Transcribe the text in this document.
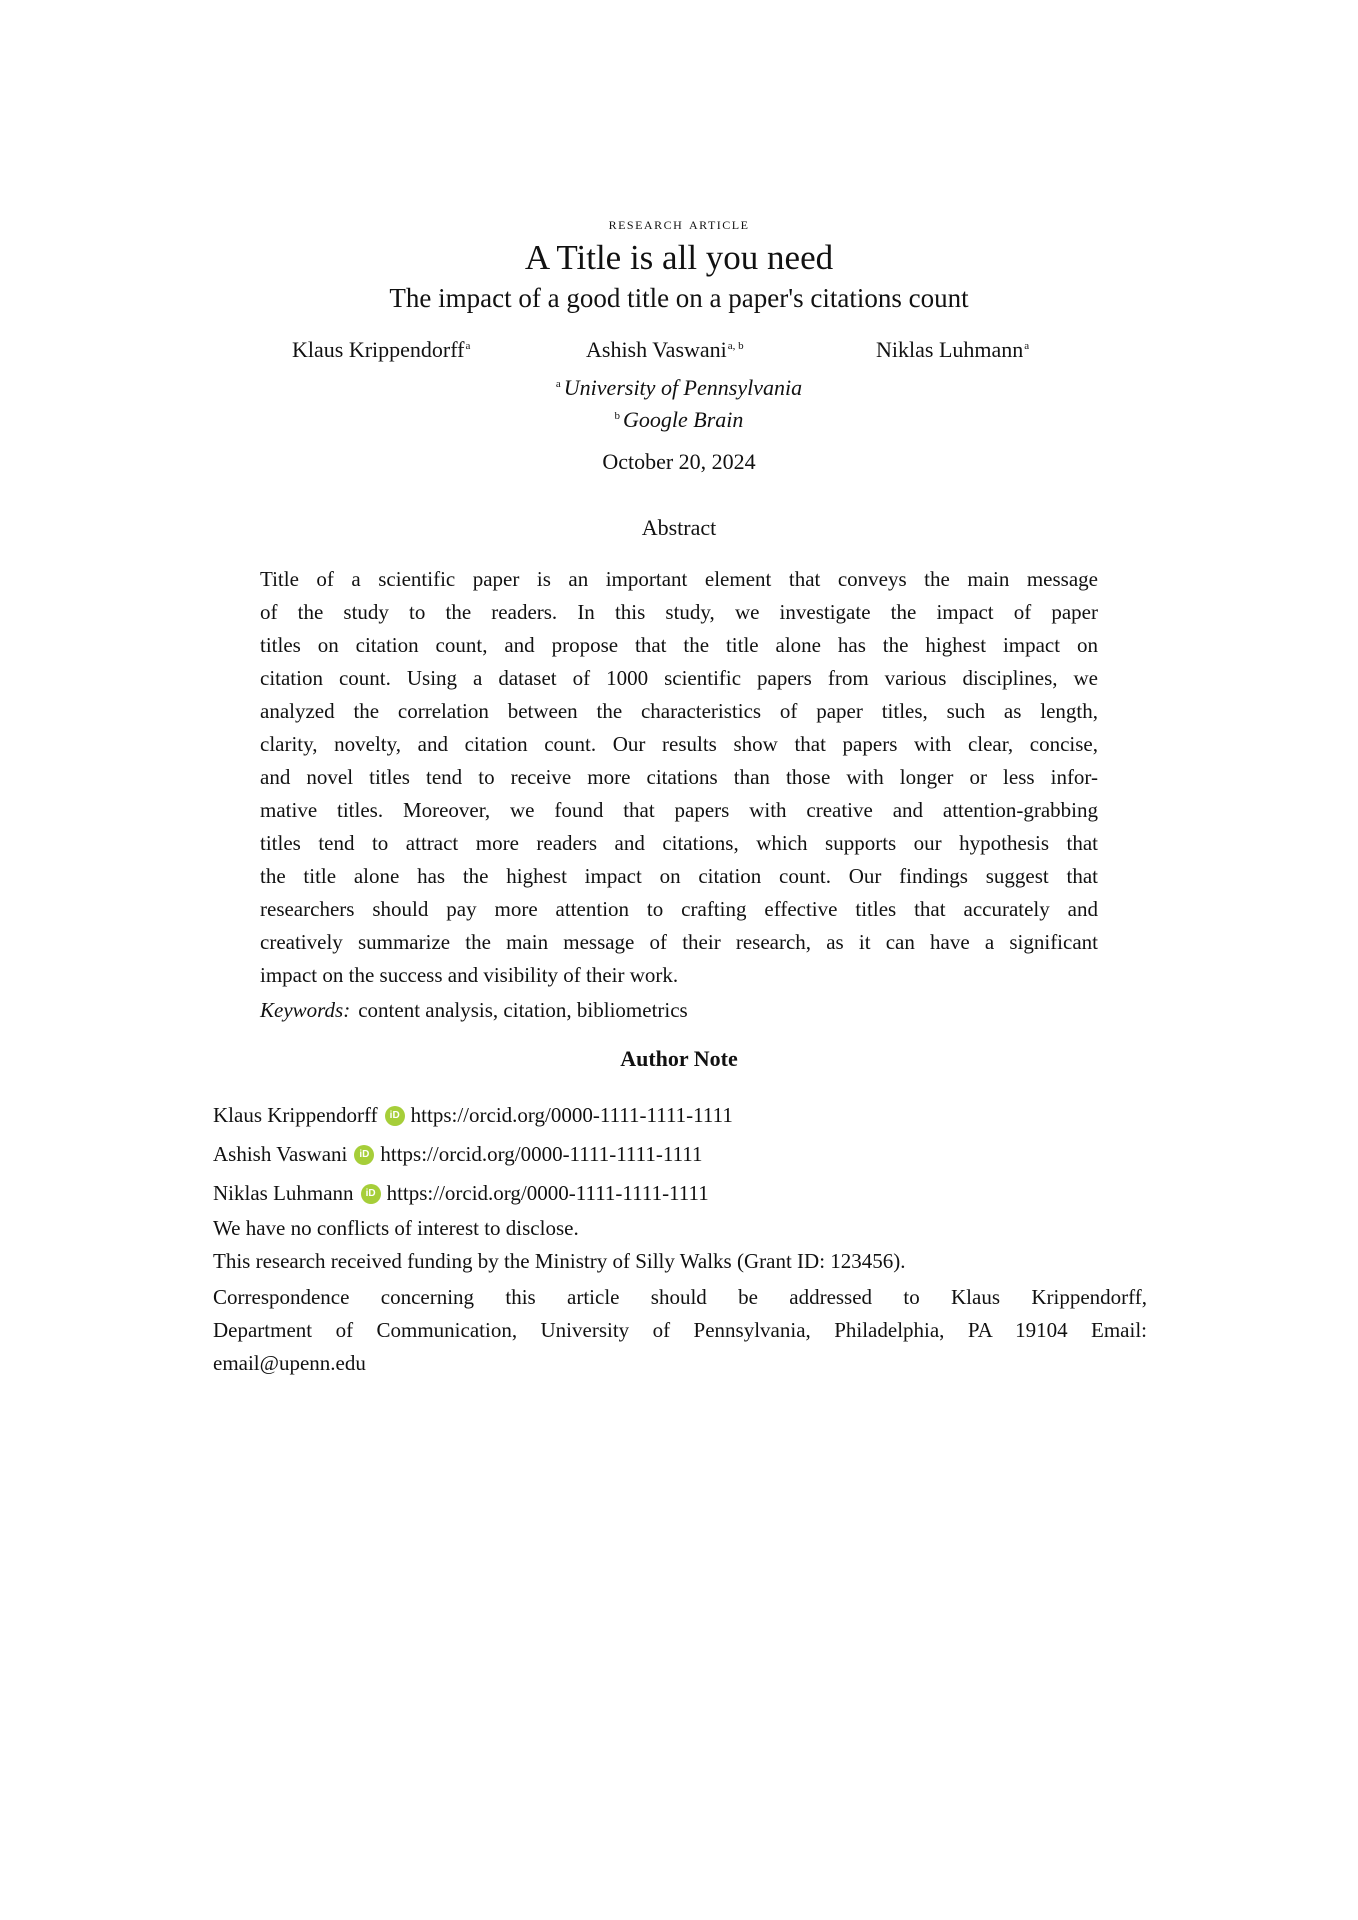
research article
A Title is all you need
The impact of a good title on a paper's citations count
Klaus Krippendorff$^a$	Ashish Vaswani$^{a, b}$	Niklas Luhmann$^a$
$^a$ University of Pennsylvania
$^b$ Google Brain
October 20, 2024
Abstract
Title of a scientific paper is an important element that conveys the main message
of the study to the readers. In this study, we investigate the impact of paper
titles on citation count, and propose that the title alone has the highest impact on
citation count. Using a dataset of 1000 scientific papers from various disciplines, we
analyzed the correlation between the characteristics of paper titles, such as length,
clarity, novelty, and citation count. Our results show that papers with clear, concise,
and novel titles tend to receive more citations than those with longer or less infor-
mative titles. Moreover, we found that papers with creative and attention-grabbing
titles tend to attract more readers and citations, which supports our hypothesis that
the title alone has the highest impact on citation count. Our findings suggest that
researchers should pay more attention to crafting effective titles that accurately and
creatively summarize the main message of their research, as it can have a significant
impact on the success and visibility of their work.
Keywords: content analysis, citation, bibliometrics
Author Note
Klaus Krippendorff	iD https://orcid.org/0000-1111-1111-1111
Ashish Vaswani	iD https://orcid.org/0000-1111-1111-1111
Niklas Luhmann	iD https://orcid.org/0000-1111-1111-1111
We have no conflicts of interest to disclose.
This research received funding by the Ministry of Silly Walks (Grant ID: 123456).
Correspondence concerning this article should be addressed to Klaus Krippendorff,
Department of Communication, University of Pennsylvania, Philadelphia, PA 19104 Email:
email@upenn.edu
